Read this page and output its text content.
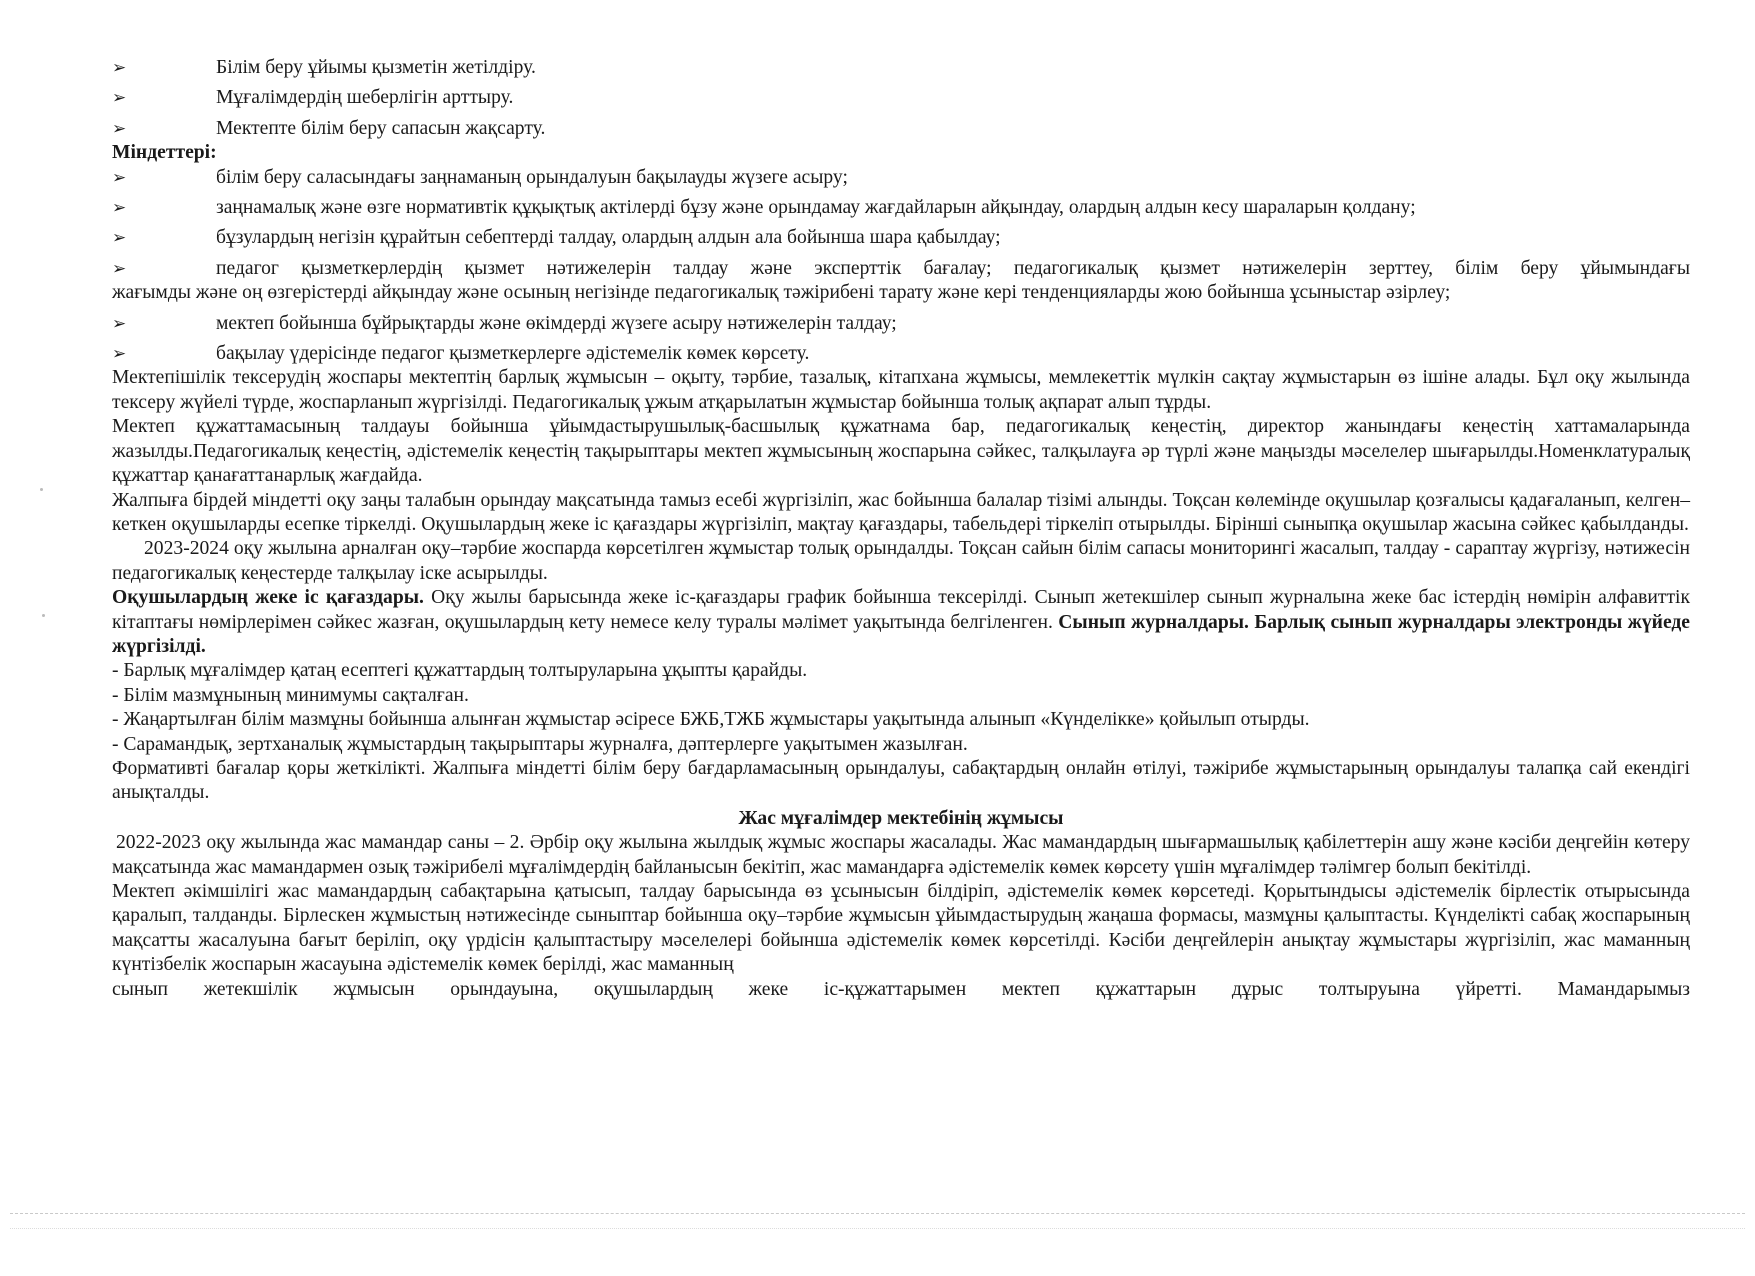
➢	Білім беру ұйымы қызметін жетілдіру.
➢	Мұғалімдердің шеберлігін арттыру.
➢	Мектепте білім беру сапасын жақсарту.
Міндеттері:
➢	білім беру саласындағы заңнаманың орындалуын бақылауды жүзеге асыру;
➢	заңнамалық және өзге нормативтік құқықтық актілерді бұзу және орындамау жағдайларын айқындау, олардың алдын кесу шараларын қолдану;
➢	бұзулардың негізін құрайтын себептерді талдау, олардың алдын ала бойынша шара қабылдау;
➢	педагог қызметкерлердің қызмет нәтижелерін талдау және эксперттік бағалау; педагогикалық қызмет нәтижелерін зерттеу, білім беру ұйымындағы
жағымды және оң өзгерістерді айқындау және осының негізінде педагогикалық тәжірибені тарату және кері тенденцияларды жою бойынша ұсыныстар әзірлеу;
➢	мектеп бойынша бұйрықтарды және өкімдерді жүзеге асыру нәтижелерін талдау;
➢	бақылау үдерісінде педагог қызметкерлерге әдістемелік көмек көрсету.
Мектепішілік тексерудің жоспары мектептің барлық жұмысын – оқыту, тәрбие, тазалық, кітапхана жұмысы, мемлекеттік мүлкін сақтау жұмыстарын өз ішіне алады. Бұл оқу жылында тексеру жүйелі түрде, жоспарланып жүргізілді. Педагогикалық ұжым атқарылатын жұмыстар бойынша толық ақпарат алып тұрды.
Мектеп құжаттамасының талдауы бойынша ұйымдастырушылық-басшылық құжатнама бар, педагогикалық кеңестің, директор жанындағы кеңестің хаттамаларында жазылды.Педагогикалық кеңестің, әдістемелік кеңестің тақырыптары мектеп жұмысының жоспарына сәйкес, талқылауға әр түрлі және маңызды мәселелер шығарылды.Номенклатуралық құжаттар қанағаттанарлық жағдайда.
Жалпыға бірдей міндетті оқу заңы талабын орындау мақсатында тамыз есебі жүргізіліп, жас бойынша балалар тізімі алынды. Тоқсан көлемінде оқушылар қозғалысы қадағаланып, келген–кеткен оқушыларды есепке тіркелді. Оқушылардың жеке іс қағаздары жүргізіліп, мақтау қағаздары, табельдері тіркеліп отырылды. Бірінші сыныпқа оқушылар жасына сәйкес қабылданды.
2023-2024 оқу жылына арналған оқу–тәрбие жоспарда көрсетілген жұмыстар толық орындалды. Тоқсан сайын білім сапасы мониторингі жасалып, талдау - сараптау жүргізу, нәтижесін педагогикалық кеңестерде талқылау іске асырылды.
Оқушылардың жеке іс қағаздары. Оқу жылы барысында жеке іс-қағаздары график бойынша тексерілді. Сынып жетекшілер сынып журналына жеке бас істердің нөмірін алфавиттік кітаптағы нөмірлерімен сәйкес жазған, оқушылардың кету немесе келу туралы мәлімет уақытында белгіленген. Сынып журналдары. Барлық сынып журналдары электронды жүйеде жүргізілді.
- Барлық мұғалімдер қатаң есептегі құжаттардың толтыруларына ұқыпты қарайды.
- Білім мазмұнының минимумы сақталған.
- Жаңартылған білім мазмұны бойынша алынған жұмыстар әсіресе БЖБ,ТЖБ жұмыстары уақытында алынып «Күнделікке» қойылып отырды.
- Сарамандық, зертханалық жұмыстардың тақырыптары журналға, дәптерлерге уақытымен жазылған.
Формативті бағалар қоры жеткілікті. Жалпыға міндетті білім беру бағдарламасының орындалуы, сабақтардың онлайн өтілуі, тәжірибе жұмыстарының орындалуы талапқа сай екендігі анықталды.
Жас мұғалімдер мектебінің жұмысы
2022-2023 оқу жылында жас мамандар саны – 2. Әрбір оқу жылына жылдық жұмыс жоспары жасалады. Жас мамандардың шығармашылық қабілеттерін ашу және кәсіби деңгейін көтеру мақсатында жас мамандармен озық тәжірибелі мұғалімдердің байланысын бекітіп, жас мамандарға әдістемелік көмек көрсету үшін мұғалімдер тәлімгер болып бекітілді.
Мектеп әкімшілігі жас мамандардың сабақтарына қатысып, талдау барысында өз ұсынысын білдіріп, әдістемелік көмек көрсетеді. Қорытындысы әдістемелік бірлестік отырысында қаралып, талданды. Бірлескен жұмыстың нәтижесінде сыныптар бойынша оқу–тәрбие жұмысын ұйымдастырудың жаңаша формасы, мазмұны қалыптасты. Күнделікті сабақ жоспарының мақсатты жасалуына бағыт беріліп, оқу үрдісін қалыптастыру мәселелері бойынша әдістемелік көмек көрсетілді. Кәсіби деңгейлерін анықтау жұмыстары жүргізіліп, жас маманның күнтізбелік жоспарын жасауына әдістемелік көмек берілді, жас маманның
сынып жетекшілік жұмысын орындауына, оқушылардың жеке іс-құжаттарымен мектеп құжаттарын дұрыс толтыруына үйретті. Мамандарымыз
